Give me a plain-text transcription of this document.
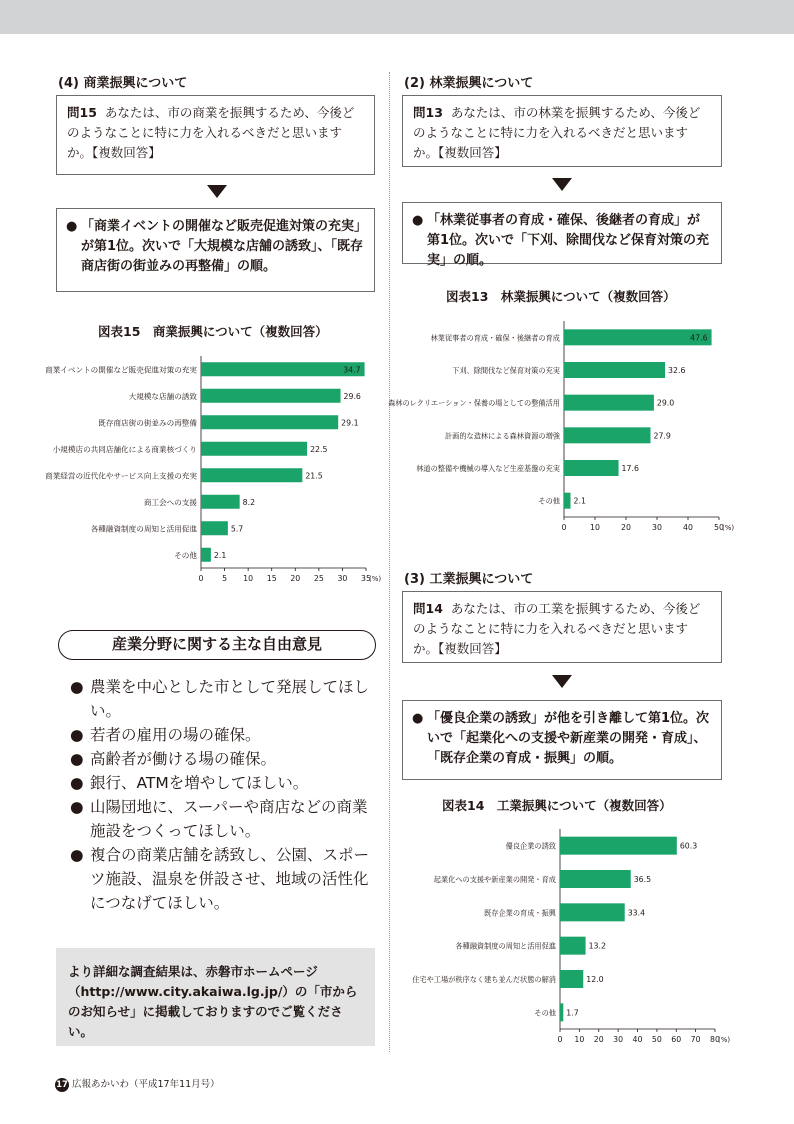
(4) 商業振興について
問15 あなたは、市の商業を振興するため、今後どのようなことに特に力を入れるべきだと思いますか。【複数回答】
● 「商業イベントの開催など販売促進対策の充実」が第1位。次いで「大規模な店舗の誘致」、「既存商店街の街並みの再整備」の順。
図表15　商業振興について（複数回答）
0 5 10 15 20 25 30 35
(%)
商業イベントの開催など販売促進対策の充実	34.7
大規模な店舗の誘致	29.6
既存商店街の街並みの再整備	29.1
小規模店の共同店舗化による商業核づくり	22.5
商業経営の近代化やサービス向上支援の充実	21.5
商工会への支援	8.2
各種融資制度の周知と活用促進	5.7
その他 2.1
産業分野に関する主な自由意見
● 農業を中心とした市として発展してほしい。
● 若者の雇用の場の確保。
● 高齢者が働ける場の確保。
● 銀行、ATMを増やしてほしい。
● 山陽団地に、スーパーや商店などの商業施設をつくってほしい。
● 複合の商業店舗を誘致し、公園、スポーツ施設、温泉を併設させ、地域の活性化につなげてほしい。
より詳細な調査結果は、赤磐市ホームページ（http://www.city.akaiwa.lg.jp/）の「市からのお知らせ」に掲載しておりますのでご覧ください。
17 広報あかいわ（平成17年11月号）
(2) 林業振興について
問13 あなたは、市の林業を振興するため、今後どのようなことに特に力を入れるべきだと思いますか。【複数回答】
● 「林業従事者の育成・確保、後継者の育成」が第1位。次いで「下刈、除間伐など保育対策の充実」の順。
図表13　林業振興について（複数回答）
0	10	20	30	40	50
(%)
林業従事者の育成・確保・後継者の育成	47.6
下刈、除間伐など保育対策の充実	32.6
森林のレクリエーション・保養の場としての整備活用	29.0
計画的な造林による森林資源の増強	27.9
林道の整備や機械の導入など生産基盤の充実	17.6
その他 2.1
(3) 工業振興について
問14 あなたは、市の工業を振興するため、今後どのようなことに特に力を入れるべきだと思いますか。【複数回答】
● 「優良企業の誘致」が他を引き離して第1位。次いで「起業化への支援や新産業の開発・育成」、「既存企業の育成・振興」の順。
図表14　工業振興について（複数回答）
0 10 20 30 40 50 60 70 80
(%)
優良企業の誘致	60.3
起業化への支援や新産業の開発・育成	36.5
既存企業の育成・振興	33.4
各種融資制度の周知と活用促進	13.2
住宅や工場が秩序なく建ち並んだ状態の解消	12.0
その他 1.7
